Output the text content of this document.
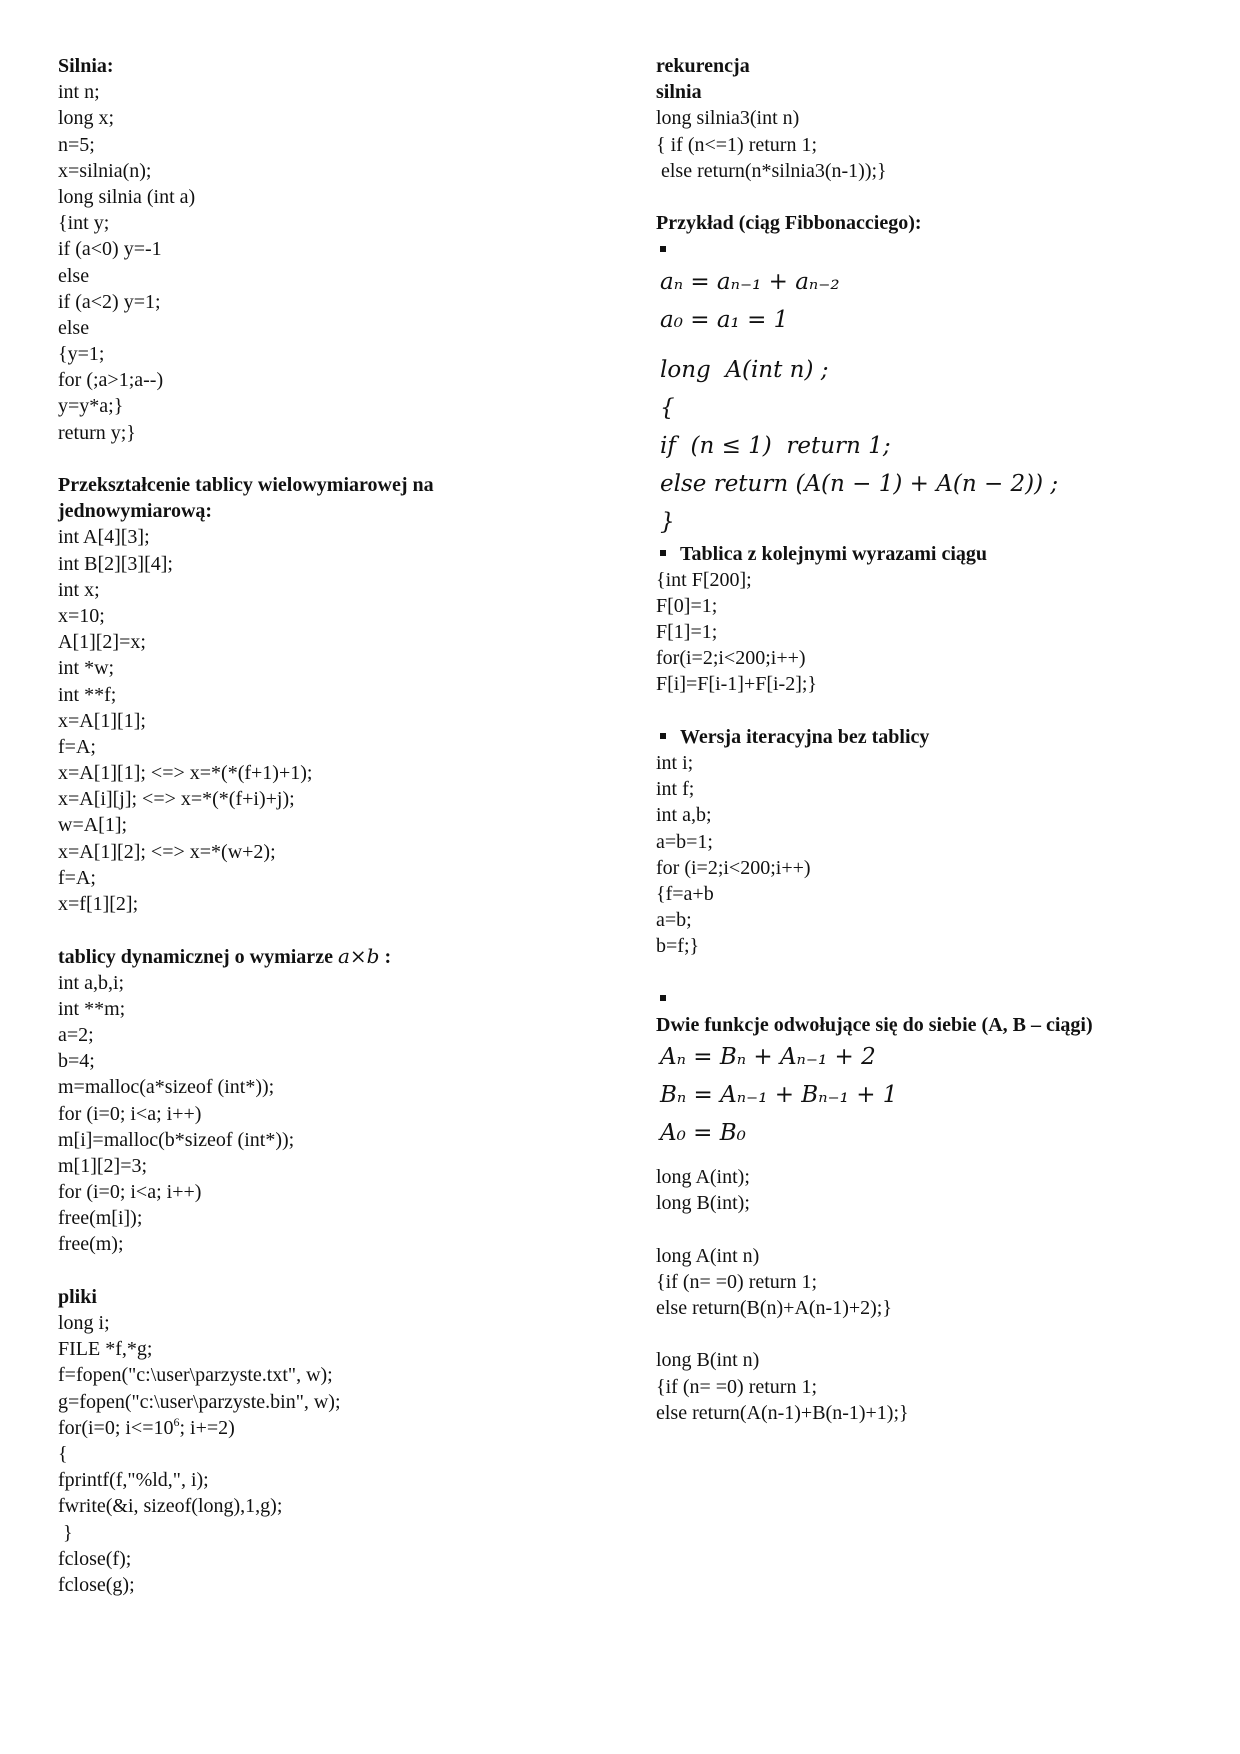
Silnia:
int n;
long x;
n=5;
x=silnia(n);
long silnia (int a)
{int y;
if (a<0) y=-1
else
if (a<2) y=1;
else
{y=1;
for (;a>1;a--)
y=y*a;}
return y;}
Przekształcenie tablicy wielowymiarowej na
jednowymiarową:
int A[4][3];
int B[2][3][4];
int x;
x=10;
A[1][2]=x;
int *w;
int **f;
x=A[1][1];
f=A;
x=A[1][1]; <=> x=*(*(f+1)+1);
x=A[i][j]; <=> x=*(*(f+i)+j);
w=A[1];
x=A[1][2]; <=> x=*(w+2);
f=A;
x=f[1][2];
tablicy dynamicznej o wymiarze a×b :
int a,b,i;
int **m;
a=2;
b=4;
m=malloc(a*sizeof (int*));
for (i=0; i<a; i++)
m[i]=malloc(b*sizeof (int*));
m[1][2]=3;
for (i=0; i<a; i++)
free(m[i]);
free(m);
pliki
long i;
FILE *f,*g;
f=fopen("c:\user\parzyste.txt", w);
g=fopen("c:\user\parzyste.bin", w);
for(i=0; $i<=10^6$; i+=2)
{
fprintf(f,"%ld,", i);
fwrite(&i, sizeof(long),1,g);
}
fclose(f);
fclose(g);
rekurencja
silnia
long silnia3(int n)
{ if (n<=1) return 1;
else return(n*silnia3(n-1));}
Przykład (ciąg Fibbonacciego):
aₙ = aₙ₋₁ + aₙ₋₂
a₀ = a₁ = 1
long  A(int n) ;
{
if  (n ≤ 1)  return 1;
else return (A(n − 1) + A(n − 2)) ;
}
Tablica z kolejnymi wyrazami ciągu
{int F[200];
F[0]=1;
F[1]=1;
for(i=2;i<200;i++)
F[i]=F[i-1]+F[i-2];}
Wersja iteracyjna bez tablicy
int i;
int f;
int a,b;
a=b=1;
for (i=2;i<200;i++)
{f=a+b
a=b;
b=f;}
Dwie funkcje odwołujące się do siebie (A, B – ciągi)
Aₙ = Bₙ + Aₙ₋₁ + 2
Bₙ = Aₙ₋₁ + Bₙ₋₁ + 1
A₀ = B₀
long A(int);
long B(int);
long A(int n)
{if (n= =0) return 1;
else return(B(n)+A(n-1)+2);}
long B(int n)
{if (n= =0) return 1;
else return(A(n-1)+B(n-1)+1);}
